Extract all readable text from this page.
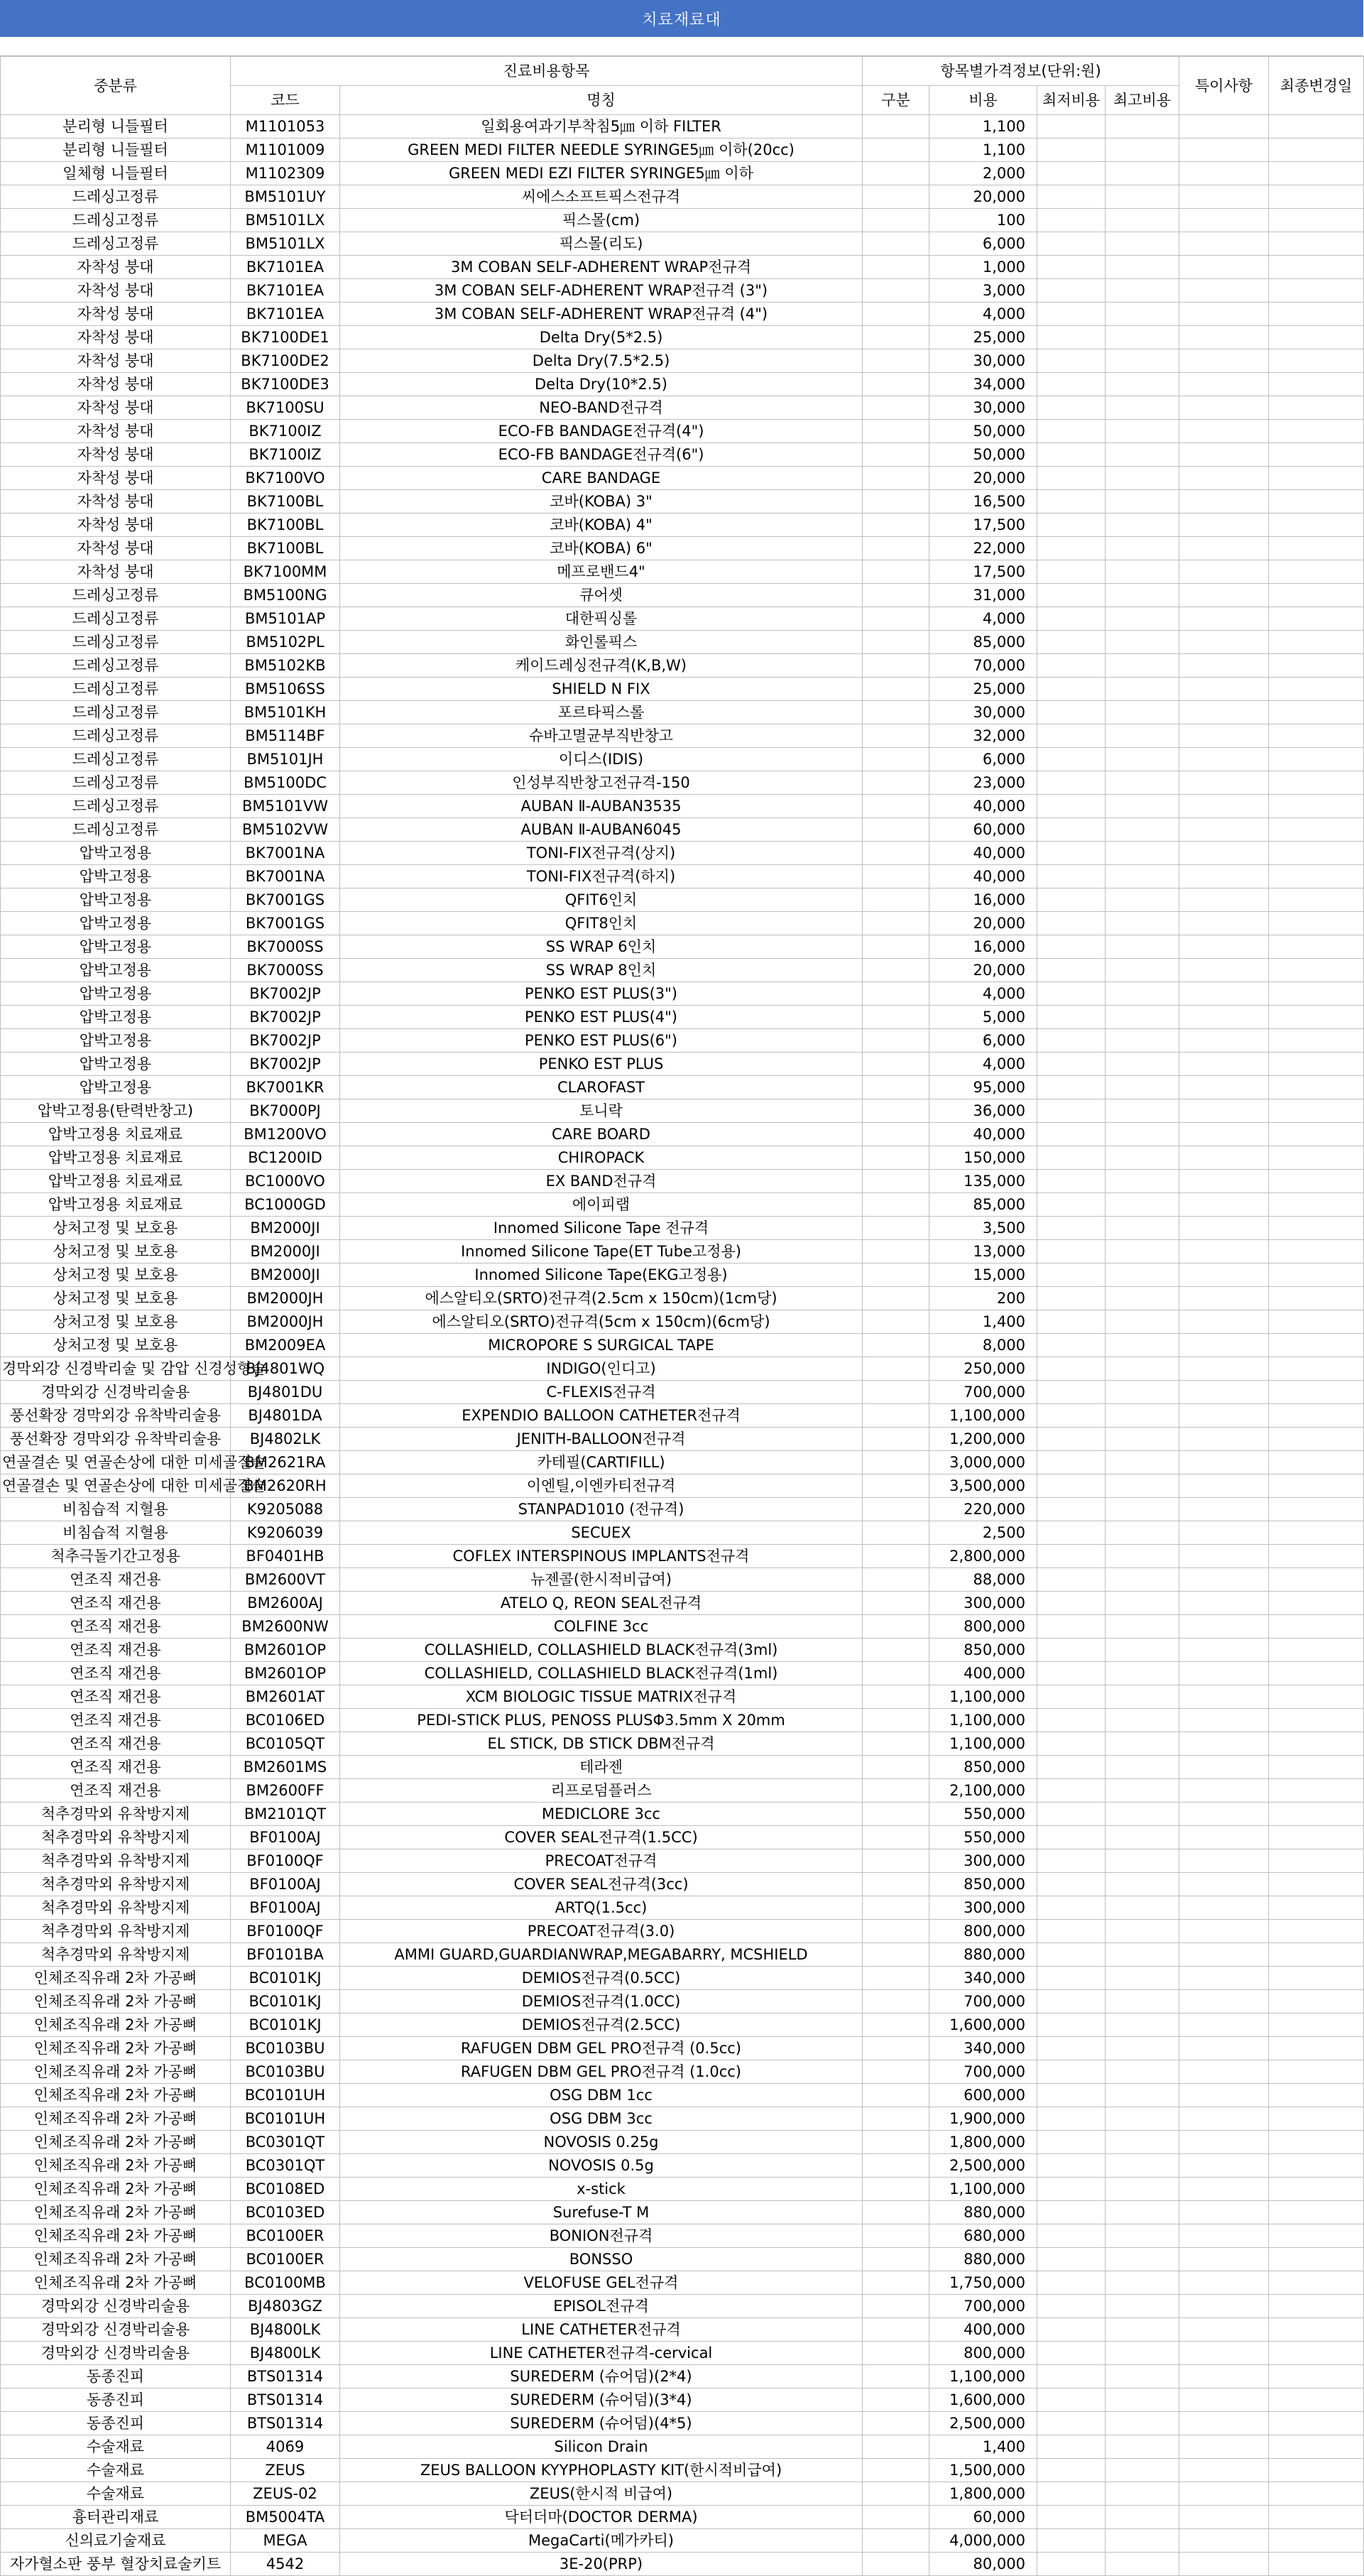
치료재료대
중분류	진료비용항목		항목별가격정보(단위:원)				특이사항	최종변경일
	코드	명칭	구분	비용	최저비용	최고비용		
분리형 니들필터	M1101053	일회용여과기부착침5㎛ 이하 FILTER		1,100				
분리형 니들필터	M1101009	GREEN MEDI FILTER NEEDLE SYRINGE5㎛ 이하(20cc)		1,100				
일체형 니들필터	M1102309	GREEN MEDI EZI FILTER SYRINGE5㎛ 이하		2,000				
드레싱고정류	BM5101UY	씨에스소프트픽스전규격		20,000				
드레싱고정류	BM5101LX	픽스몰(cm)		100				
드레싱고정류	BM5101LX	픽스몰(리도)		6,000				
자착성 붕대	BK7101EA	3M COBAN SELF-ADHERENT WRAP전규격		1,000				
자착성 붕대	BK7101EA	3M COBAN SELF-ADHERENT WRAP전규격 (3")		3,000				
자착성 붕대	BK7101EA	3M COBAN SELF-ADHERENT WRAP전규격 (4")		4,000				
자착성 붕대	BK7100DE1	Delta Dry(5*2.5)		25,000				
자착성 붕대	BK7100DE2	Delta Dry(7.5*2.5)		30,000				
자착성 붕대	BK7100DE3	Delta Dry(10*2.5)		34,000				
자착성 붕대	BK7100SU	NEO-BAND전규격		30,000				
자착성 붕대	BK7100IZ	ECO-FB BANDAGE전규격(4")		50,000				
자착성 붕대	BK7100IZ	ECO-FB BANDAGE전규격(6")		50,000				
자착성 붕대	BK7100VO	CARE BANDAGE		20,000				
자착성 붕대	BK7100BL	코바(KOBA) 3"		16,500				
자착성 붕대	BK7100BL	코바(KOBA) 4"		17,500				
자착성 붕대	BK7100BL	코바(KOBA) 6"		22,000				
자착성 붕대	BK7100MM	메프로밴드4"		17,500				
드레싱고정류	BM5100NG	큐어셋		31,000				
드레싱고정류	BM5101AP	대한픽싱롤		4,000				
드레싱고정류	BM5102PL	화인롤픽스		85,000				
드레싱고정류	BM5102KB	케이드레싱전규격(K,B,W)		70,000				
드레싱고정류	BM5106SS	SHIELD N FIX		25,000				
드레싱고정류	BM5101KH	포르타픽스롤		30,000				
드레싱고정류	BM5114BF	슈바고멸균부직반창고		32,000				
드레싱고정류	BM5101JH	이디스(IDIS)		6,000				
드레싱고정류	BM5100DC	인성부직반창고전규격-150		23,000				
드레싱고정류	BM5101VW	AUBAN Ⅱ-AUBAN3535		40,000				
드레싱고정류	BM5102VW	AUBAN Ⅱ-AUBAN6045		60,000				
압박고정용	BK7001NA	TONI-FIX전규격(상지)		40,000				
압박고정용	BK7001NA	TONI-FIX전규격(하지)		40,000				
압박고정용	BK7001GS	QFIT6인치		16,000				
압박고정용	BK7001GS	QFIT8인치		20,000				
압박고정용	BK7000SS	SS WRAP 6인치		16,000				
압박고정용	BK7000SS	SS WRAP 8인치		20,000				
압박고정용	BK7002JP	PENKO EST PLUS(3")		4,000				
압박고정용	BK7002JP	PENKO EST PLUS(4")		5,000				
압박고정용	BK7002JP	PENKO EST PLUS(6")		6,000				
압박고정용	BK7002JP	PENKO EST PLUS		4,000				
압박고정용	BK7001KR	CLAROFAST		95,000				
압박고정용(탄력반창고)	BK7000PJ	토니락		36,000				
압박고정용 치료재료	BM1200VO	CARE BOARD		40,000				
압박고정용 치료재료	BC1200ID	CHIROPACK		150,000				
압박고정용 치료재료	BC1000VO	EX BAND전규격		135,000				
압박고정용 치료재료	BC1000GD	에이피랩		85,000				
상처고정 및 보호용	BM2000JI	Innomed Silicone Tape 전규격		3,500				
상처고정 및 보호용	BM2000JI	Innomed Silicone Tape(ET Tube고정용)		13,000				
상처고정 및 보호용	BM2000JI	Innomed Silicone Tape(EKG고정용)		15,000				
상처고정 및 보호용	BM2000JH	에스알티오(SRTO)전규격(2.5cm x 150cm)(1cm당)		200				
상처고정 및 보호용	BM2000JH	에스알티오(SRTO)전규격(5cm x 150cm)(6cm당)		1,400				
상처고정 및 보호용	BM2009EA	MICROPORE S SURGICAL TAPE		8,000				
경막외강 신경박리술 및 감압 신경성형술	BJ4801WQ	INDIGO(인디고)		250,000				
경막외강 신경박리술용	BJ4801DU	C-FLEXIS전규격		700,000				
풍선확장 경막외강 유착박리술용	BJ4801DA	EXPENDIO BALLOON CATHETER전규격		1,100,000				
풍선확장 경막외강 유착박리술용	BJ4802LK	JENITH-BALLOON전규격		1,200,000				
연골결손 및 연골손상에 대한 미세골절술	BM2621RA	카테필(CARTIFILL)		3,000,000				
연골결손 및 연골손상에 대한 미세골절술	BM2620RH	이엔틸,이엔카티전규격		3,500,000				
비침습적 지혈용	K9205088	STANPAD1010 (전규격)		220,000				
비침습적 지혈용	K9206039	SECUEX		2,500				
척추극돌기간고정용	BF0401HB	COFLEX INTERSPINOUS IMPLANTS전규격		2,800,000				
연조직 재건용	BM2600VT	뉴젠콜(한시적비급여)		88,000				
연조직 재건용	BM2600AJ	ATELO Q, REON SEAL전규격		300,000				
연조직 재건용	BM2600NW	COLFINE 3cc		800,000				
연조직 재건용	BM2601OP	COLLASHIELD, COLLASHIELD BLACK전규격(3ml)		850,000				
연조직 재건용	BM2601OP	COLLASHIELD, COLLASHIELD BLACK전규격(1ml)		400,000				
연조직 재건용	BM2601AT	XCM BIOLOGIC TISSUE MATRIX전규격		1,100,000				
연조직 재건용	BC0106ED	PEDI-STICK PLUS, PENOSS PLUSΦ3.5mm X 20mm		1,100,000				
연조직 재건용	BC0105QT	EL STICK, DB STICK DBM전규격		1,100,000				
연조직 재건용	BM2601MS	테라젠		850,000				
연조직 재건용	BM2600FF	리프로덤플러스		2,100,000				
척추경막외 유착방지제	BM2101QT	MEDICLORE 3cc		550,000				
척추경막외 유착방지제	BF0100AJ	COVER SEAL전규격(1.5CC)		550,000				
척추경막외 유착방지제	BF0100QF	PRECOAT전규격		300,000				
척추경막외 유착방지제	BF0100AJ	COVER SEAL전규격(3cc)		850,000				
척추경막외 유착방지제	BF0100AJ	ARTQ(1.5cc)		300,000				
척추경막외 유착방지제	BF0100QF	PRECOAT전규격(3.0)		800,000				
척추경막외 유착방지제	BF0101BA	AMMI GUARD,GUARDIANWRAP,MEGABARRY, MCSHIELD		880,000				
인체조직유래 2차 가공뼈	BC0101KJ	DEMIOS전규격(0.5CC)		340,000				
인체조직유래 2차 가공뼈	BC0101KJ	DEMIOS전규격(1.0CC)		700,000				
인체조직유래 2차 가공뼈	BC0101KJ	DEMIOS전규격(2.5CC)		1,600,000				
인체조직유래 2차 가공뼈	BC0103BU	RAFUGEN DBM GEL PRO전규격 (0.5cc)		340,000				
인체조직유래 2차 가공뼈	BC0103BU	RAFUGEN DBM GEL PRO전규격 (1.0cc)		700,000				
인체조직유래 2차 가공뼈	BC0101UH	OSG DBM 1cc		600,000				
인체조직유래 2차 가공뼈	BC0101UH	OSG DBM 3cc		1,900,000				
인체조직유래 2차 가공뼈	BC0301QT	NOVOSIS 0.25g		1,800,000				
인체조직유래 2차 가공뼈	BC0301QT	NOVOSIS 0.5g		2,500,000				
인체조직유래 2차 가공뼈	BC0108ED	x-stick		1,100,000				
인체조직유래 2차 가공뼈	BC0103ED	Surefuse-T M		880,000				
인체조직유래 2차 가공뼈	BC0100ER	BONION전규격		680,000				
인체조직유래 2차 가공뼈	BC0100ER	BONSSO		880,000				
인체조직유래 2차 가공뼈	BC0100MB	VELOFUSE GEL전규격		1,750,000				
경막외강 신경박리술용	BJ4803GZ	EPISOL전규격		700,000				
경막외강 신경박리술용	BJ4800LK	LINE CATHETER전규격		400,000				
경막외강 신경박리술용	BJ4800LK	LINE CATHETER전규격-cervical		800,000				
동종진피	BTS01314	SUREDERM (슈어덤)(2*4)		1,100,000				
동종진피	BTS01314	SUREDERM (슈어덤)(3*4)		1,600,000				
동종진피	BTS01314	SUREDERM (슈어덤)(4*5)		2,500,000				
수술재료	4069	Silicon Drain		1,400				
수술재료	ZEUS	ZEUS BALLOON KYYPHOPLASTY KIT(한시적비급여)		1,500,000				
수술재료	ZEUS-02	ZEUS(한시적 비급여)		1,800,000				
흉터관리재료	BM5004TA	닥터더마(DOCTOR DERMA)		60,000				
신의료기술재료	MEGA	MegaCarti(메가카티)		4,000,000				
자가혈소판 풍부 혈장치료술키트	4542	3E-20(PRP)		80,000				
